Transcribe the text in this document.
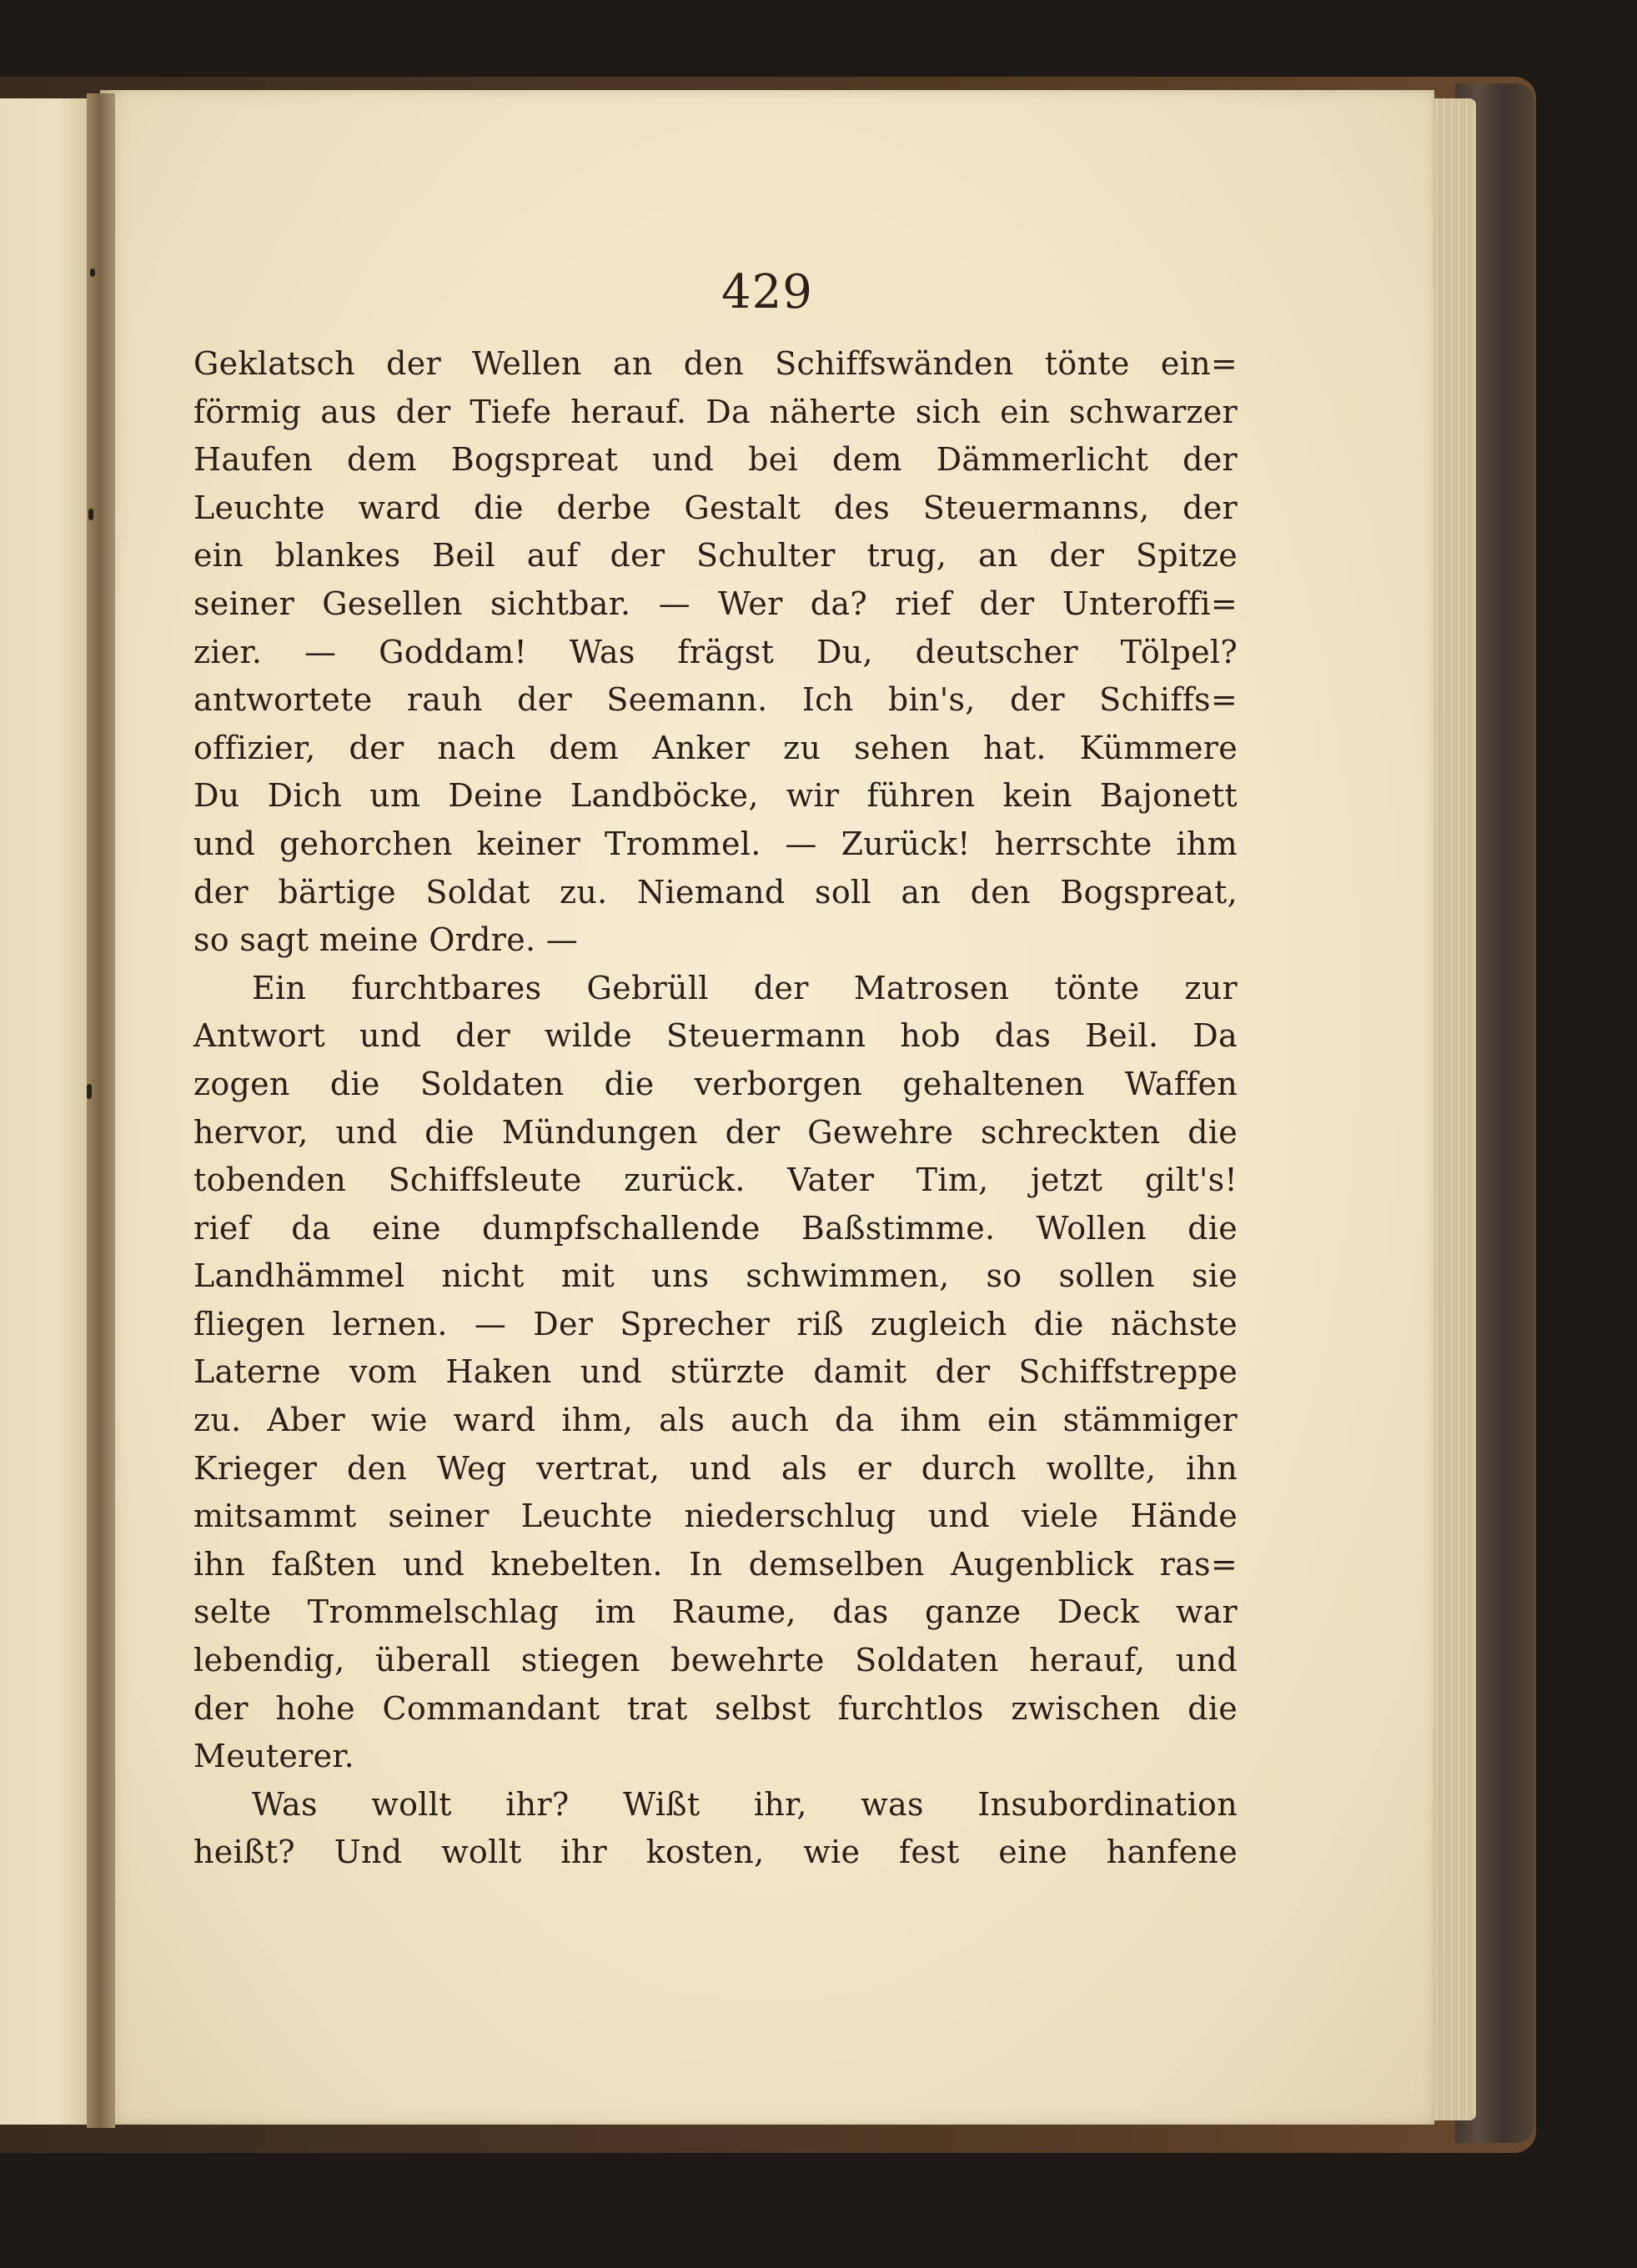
429
Geklatsch der Wellen an den Schiffswänden tönte ein=
förmig aus der Tiefe herauf. Da näherte sich ein schwarzer
Haufen dem Bogspreat und bei dem Dämmerlicht der
Leuchte ward die derbe Gestalt des Steuermanns, der
ein blankes Beil auf der Schulter trug, an der Spitze
seiner Gesellen sichtbar. — Wer da? rief der Unteroffi=
zier. — Goddam! Was frägst Du, deutscher Tölpel?
antwortete rauh der Seemann. Ich bin's, der Schiffs=
offizier, der nach dem Anker zu sehen hat. Kümmere
Du Dich um Deine Landböcke, wir führen kein Bajonett
und gehorchen keiner Trommel. — Zurück! herrschte ihm
der bärtige Soldat zu. Niemand soll an den Bogspreat,
so sagt meine Ordre. —
Ein furchtbares Gebrüll der Matrosen tönte zur
Antwort und der wilde Steuermann hob das Beil. Da
zogen die Soldaten die verborgen gehaltenen Waffen
hervor, und die Mündungen der Gewehre schreckten die
tobenden Schiffsleute zurück. Vater Tim, jetzt gilt's!
rief da eine dumpfschallende Baßstimme. Wollen die
Landhämmel nicht mit uns schwimmen, so sollen sie
fliegen lernen. — Der Sprecher riß zugleich die nächste
Laterne vom Haken und stürzte damit der Schiffstreppe
zu. Aber wie ward ihm, als auch da ihm ein stämmiger
Krieger den Weg vertrat, und als er durch wollte, ihn
mitsammt seiner Leuchte niederschlug und viele Hände
ihn faßten und knebelten. In demselben Augenblick ras=
selte Trommelschlag im Raume, das ganze Deck war
lebendig, überall stiegen bewehrte Soldaten herauf, und
der hohe Commandant trat selbst furchtlos zwischen die
Meuterer.
Was wollt ihr? Wißt ihr, was Insubordination
heißt? Und wollt ihr kosten, wie fest eine hanfene
